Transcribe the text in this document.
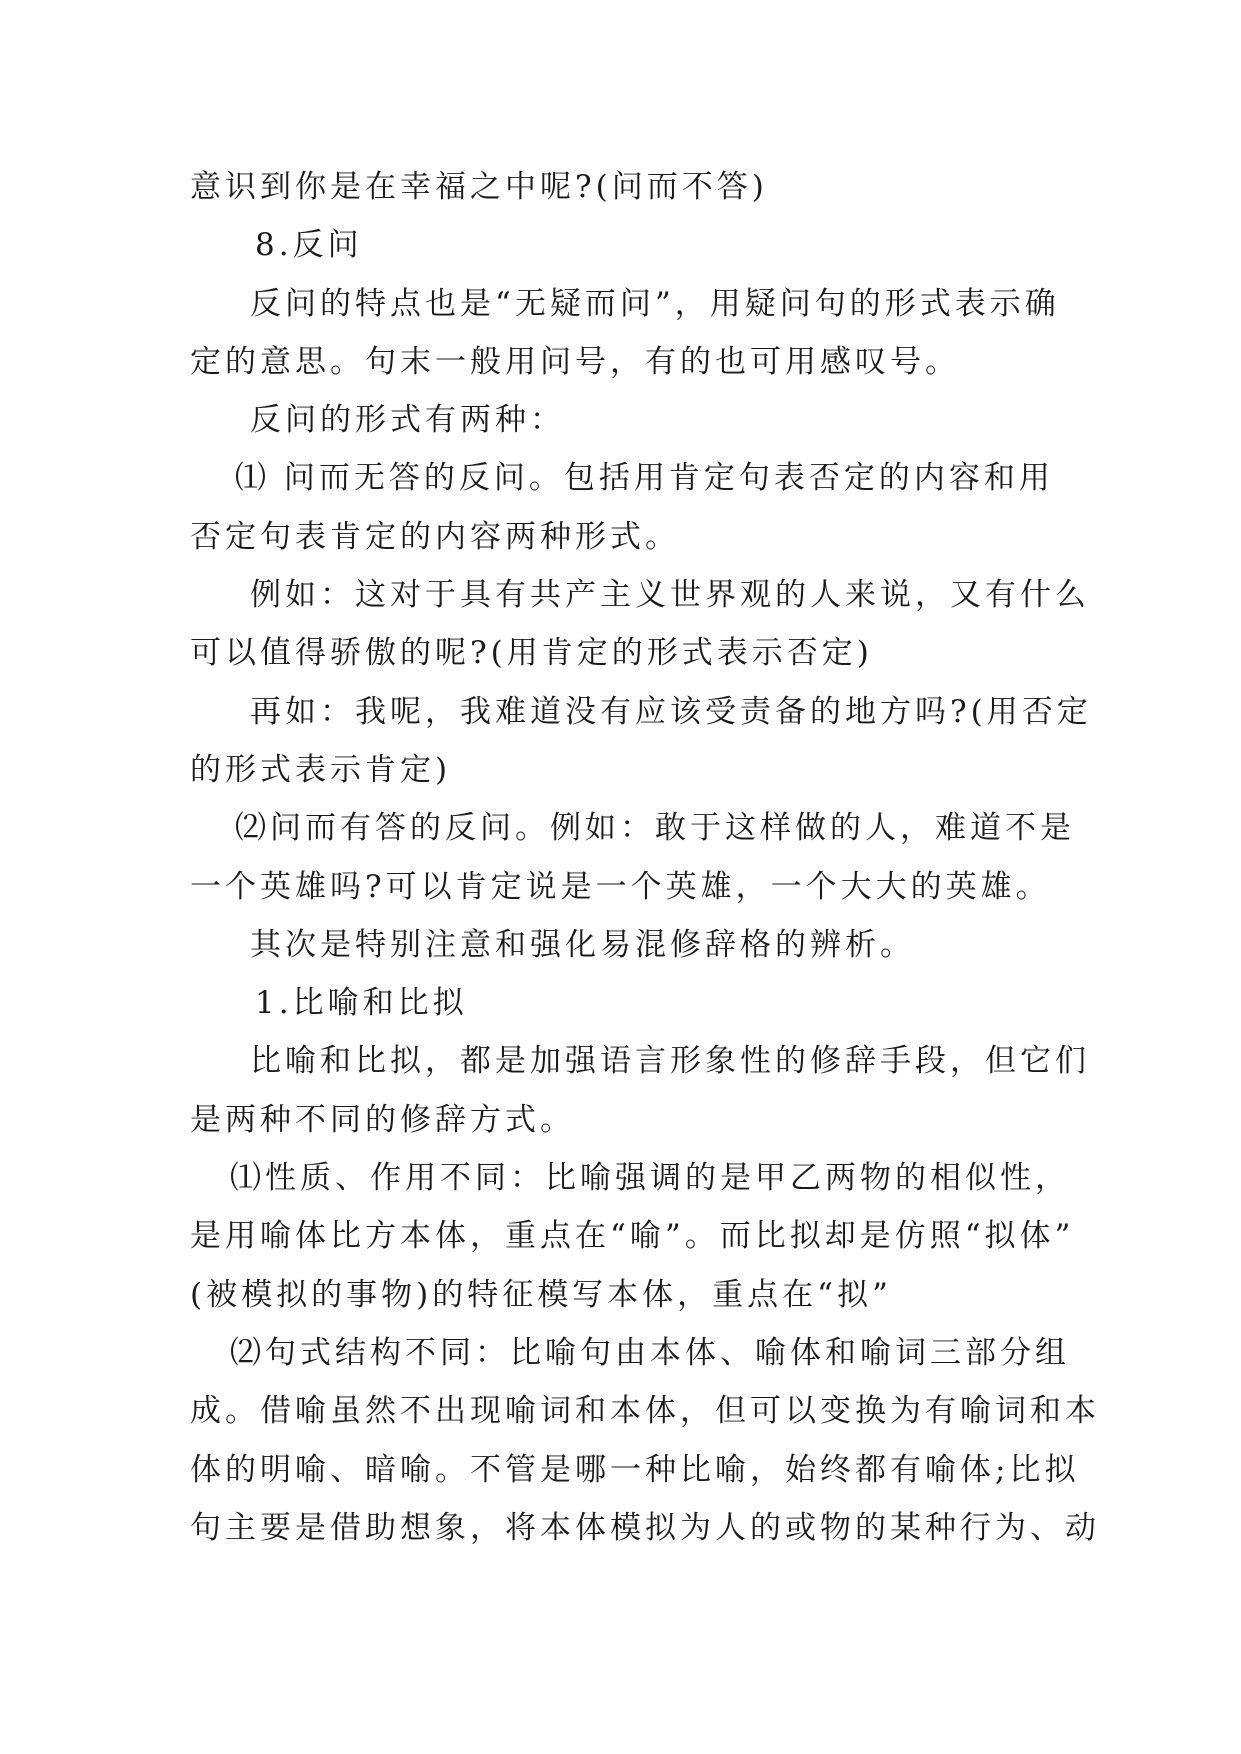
意识到你是在幸福之中呢?(问而不答)
8.反问
反问的特点也是“无疑而问”，用疑问句的形式表示确
定的意思。句末一般用问号，有的也可用感叹号。
反问的形式有两种：
⑴ 问而无答的反问。包括用肯定句表否定的内容和用
否定句表肯定的内容两种形式。
例如：这对于具有共产主义世界观的人来说，又有什么
可以值得骄傲的呢?(用肯定的形式表示否定)
再如：我呢，我难道没有应该受责备的地方吗?(用否定
的形式表示肯定)
⑵问而有答的反问。例如：敢于这样做的人，难道不是
一个英雄吗?可以肯定说是一个英雄，一个大大的英雄。
其次是特别注意和强化易混修辞格的辨析。
1.比喻和比拟
比喻和比拟，都是加强语言形象性的修辞手段，但它们
是两种不同的修辞方式。
⑴性质、作用不同：比喻强调的是甲乙两物的相似性，
是用喻体比方本体，重点在“喻”。而比拟却是仿照“拟体”
(被模拟的事物)的特征模写本体，重点在“拟”
⑵句式结构不同：比喻句由本体、喻体和喻词三部分组
成。借喻虽然不出现喻词和本体，但可以变换为有喻词和本
体的明喻、暗喻。不管是哪一种比喻，始终都有喻体;比拟
句主要是借助想象，将本体模拟为人的或物的某种行为、动
